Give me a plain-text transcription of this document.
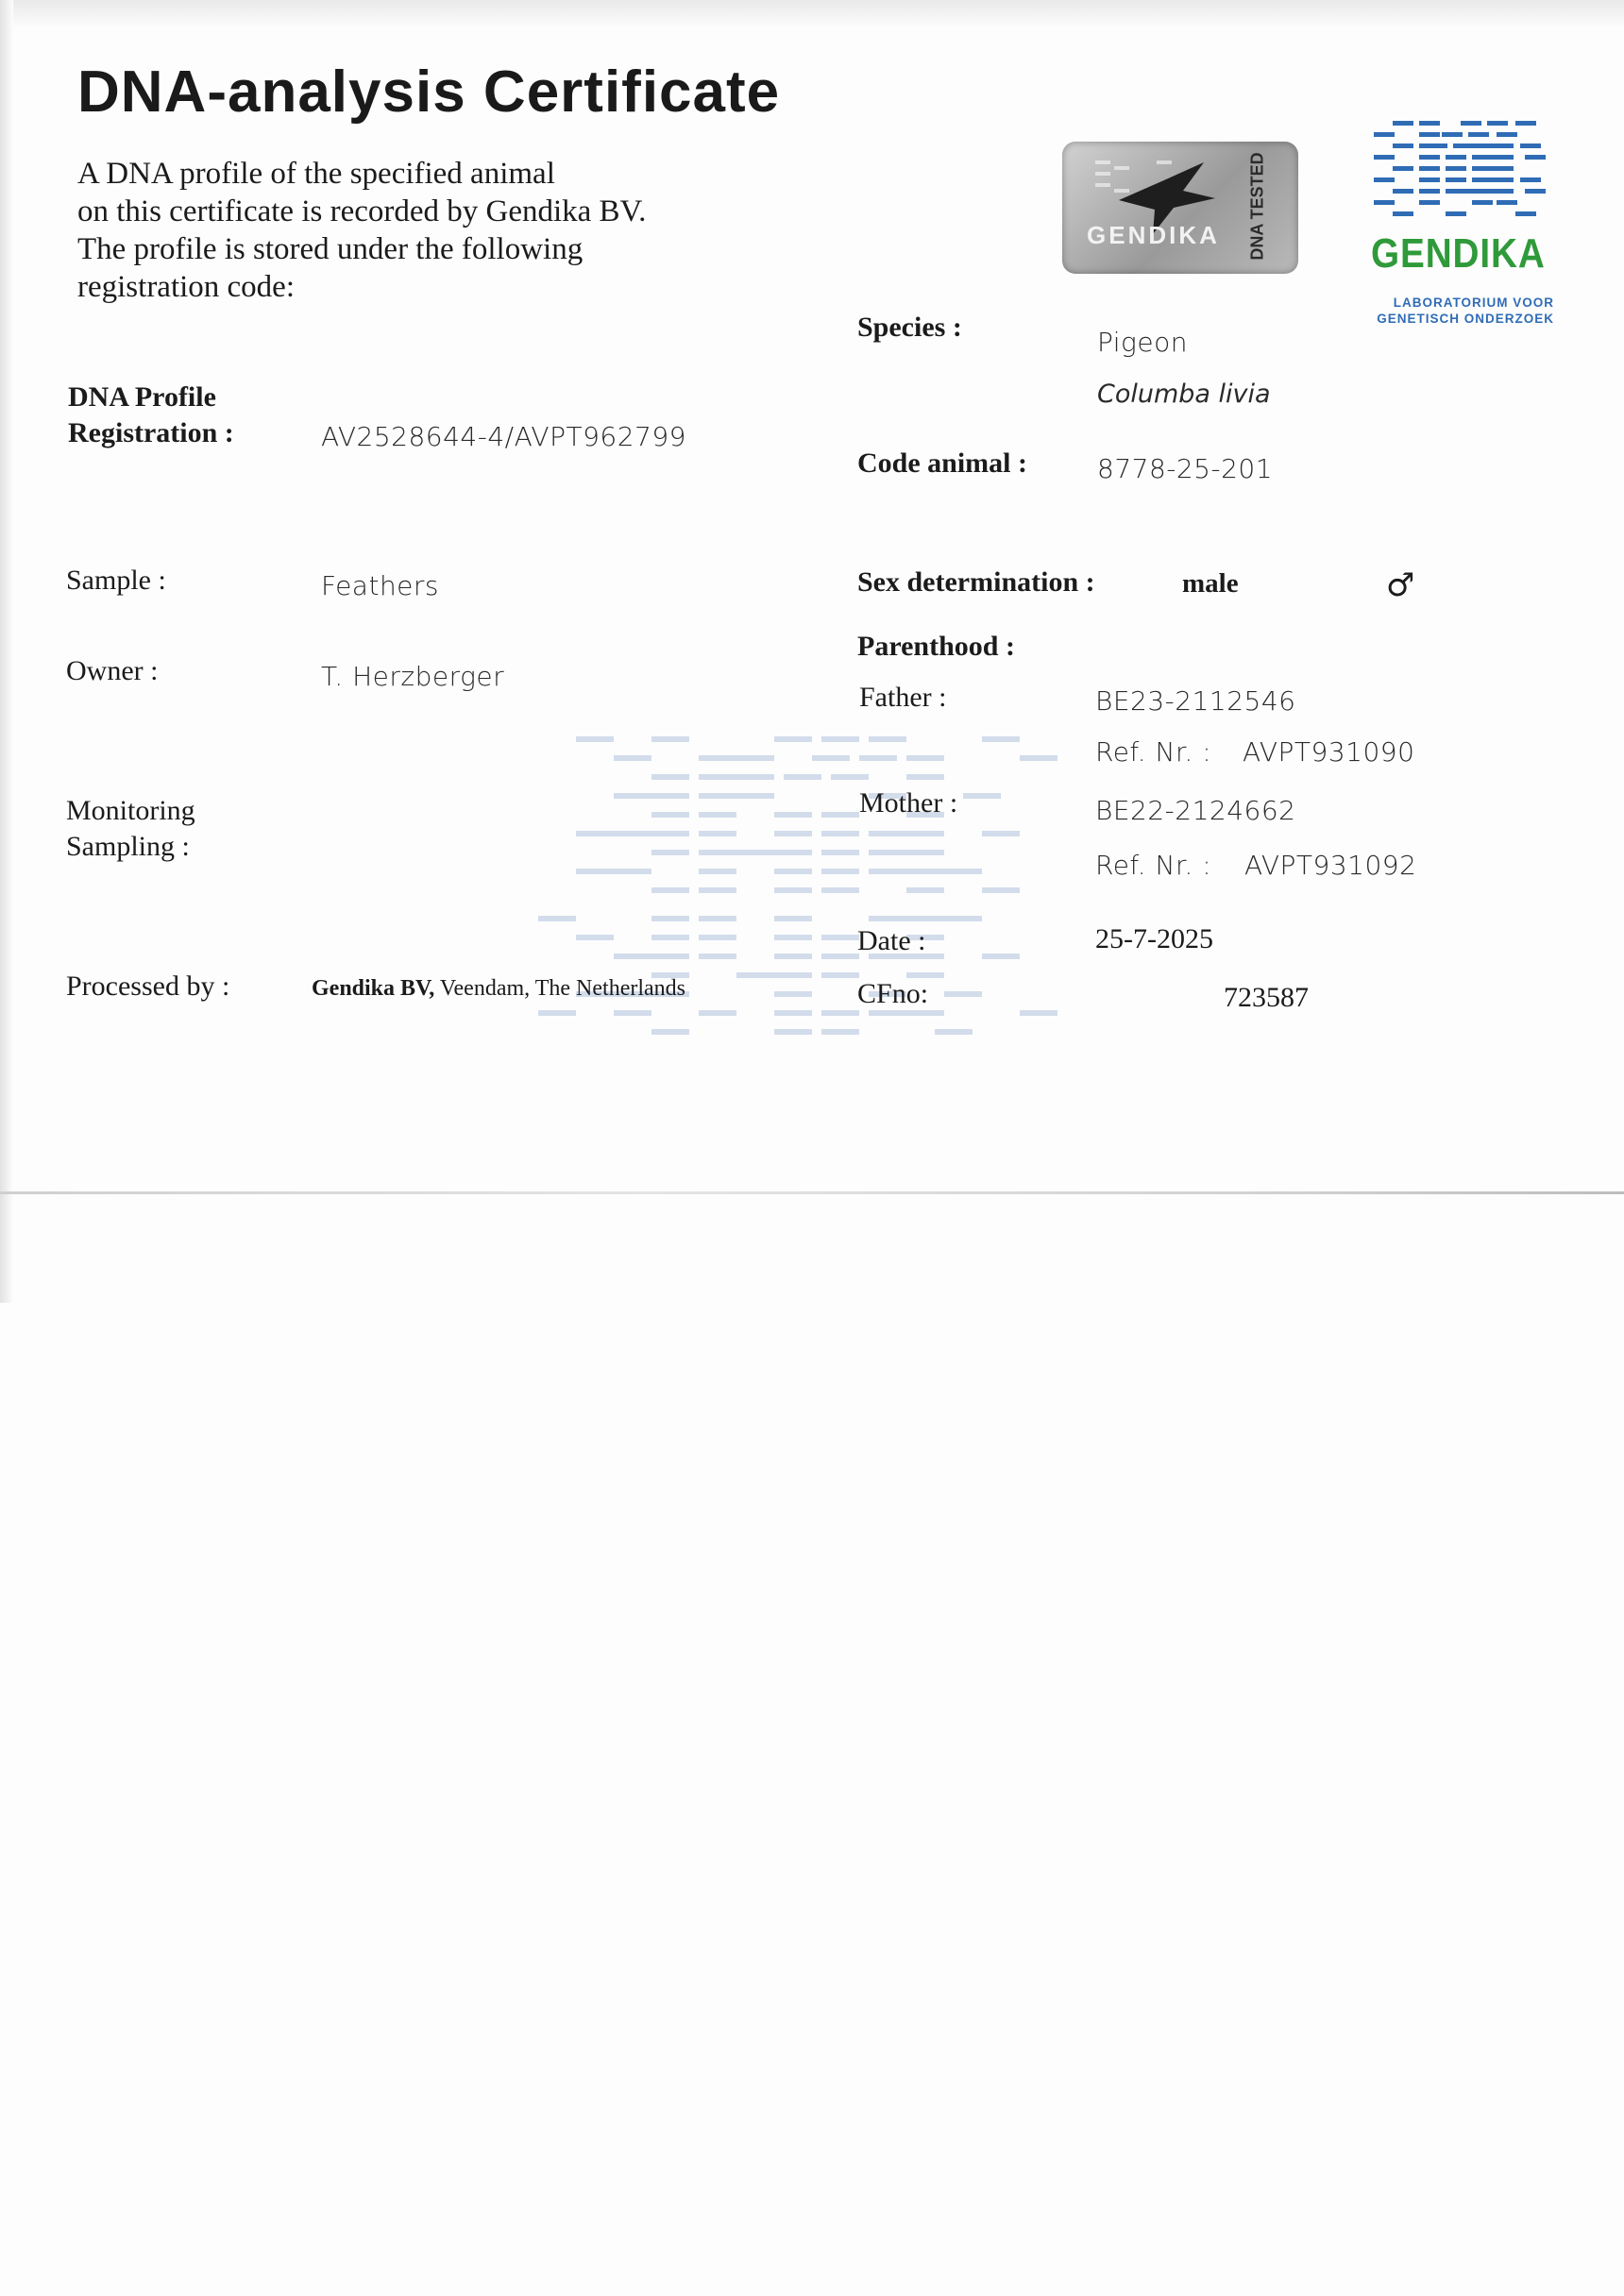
DNA-analysis Certificate
A DNA profile of the specified animal
on this certificate is recorded by Gendika BV.
The profile is stored under the following
registration code:
GENDIKA DNA TESTED	GENDIKA
LABORATORIUM VOOR
GENETISCH ONDERZOEK
DNA Profile
Registration :	AV2528644-4/AVPT962799
Sample :	Feathers
Owner :	T. Herzberger
Monitoring
Sampling :
Processed by :	Gendika BV, Veendam, The Netherlands
Species :	Pigeon
Columba livia
Code animal :	8778-25-201
Sex determination :	male	♂
Parenthood :
Father :	BE23-2112546
Ref. Nr. : AVPT931090
Mother :	BE22-2124662
Ref. Nr. : AVPT931092
Date :	25-7-2025
CFno:	723587
